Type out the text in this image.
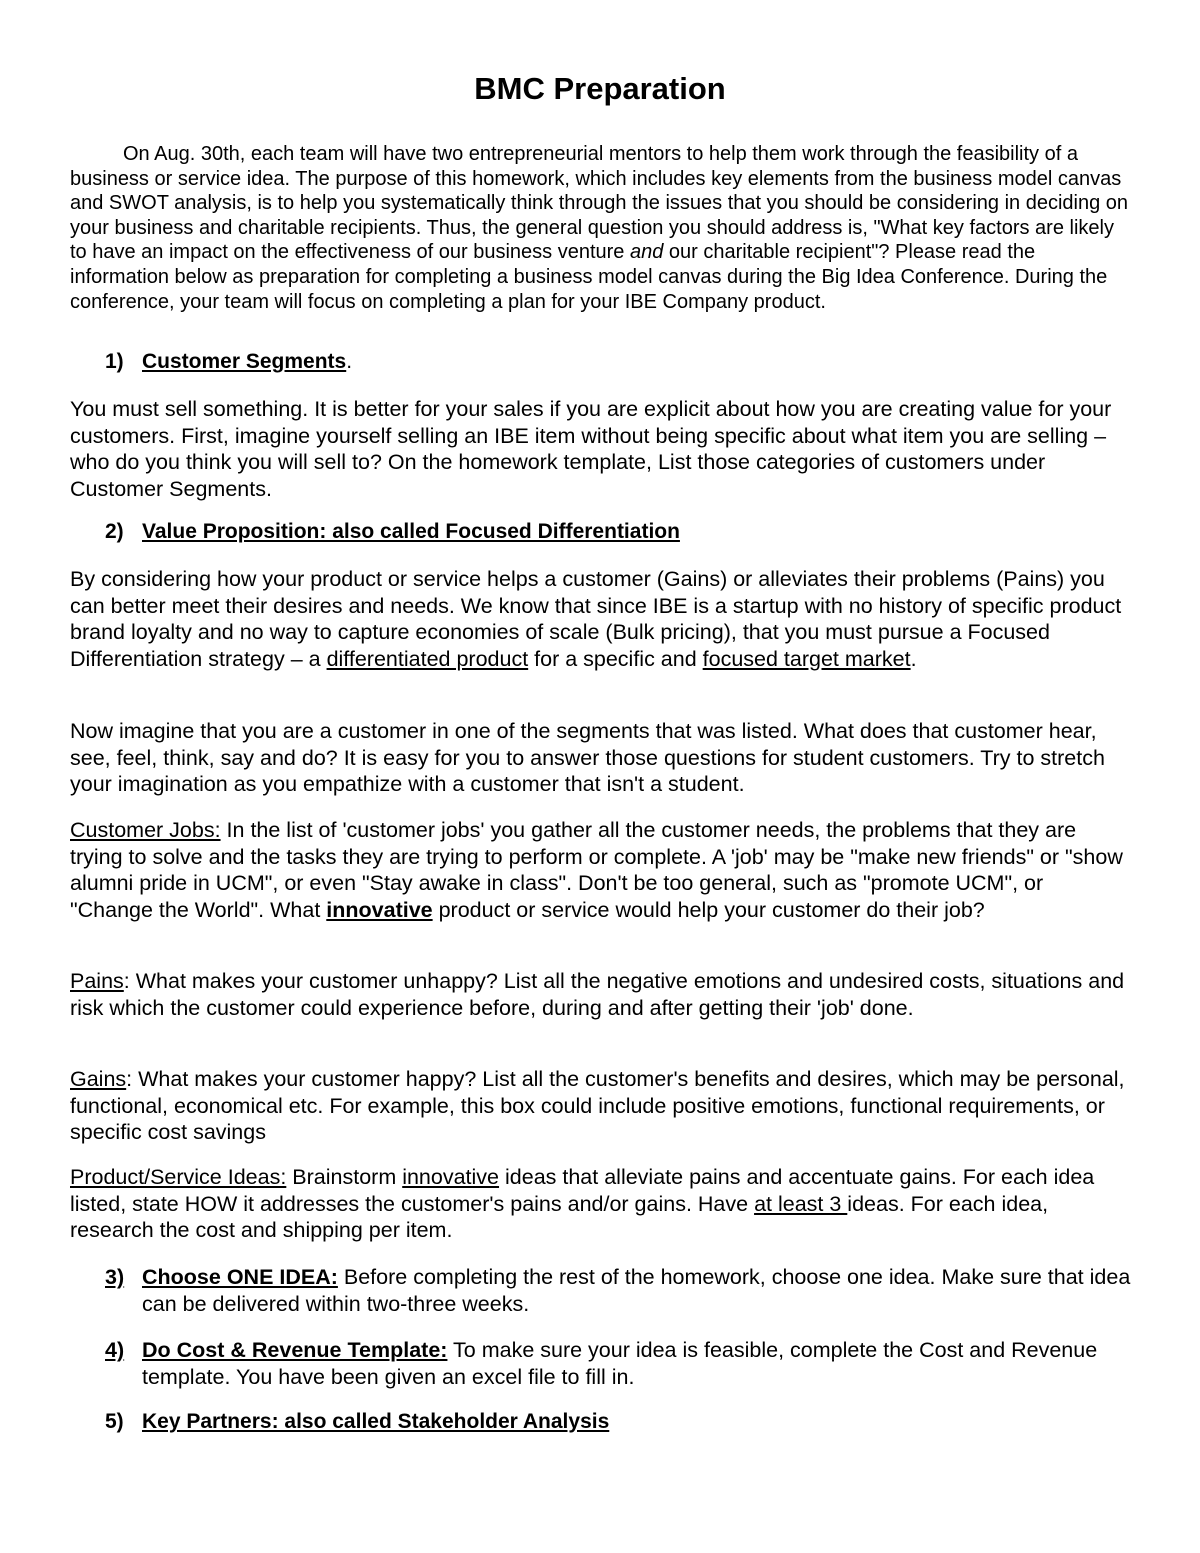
BMC Preparation
On Aug. 30th, each team will have two entrepreneurial mentors to help them work through the feasibility of a business or service idea. The purpose of this homework, which includes key elements from the business model canvas and SWOT analysis, is to help you systematically think through the issues that you should be considering in deciding on your business and charitable recipients. Thus, the general question you should address is, "What key factors are likely to have an impact on the effectiveness of our business venture and our charitable recipient"? Please read the information below as preparation for completing a business model canvas during the Big Idea Conference. During the conference, your team will focus on completing a plan for your IBE Company product.
1) Customer Segments.
You must sell something. It is better for your sales if you are explicit about how you are creating value for your customers. First, imagine yourself selling an IBE item without being specific about what item you are selling – who do you think you will sell to? On the homework template, List those categories of customers under Customer Segments.
2) Value Proposition: also called Focused Differentiation
By considering how your product or service helps a customer (Gains) or alleviates their problems (Pains) you can better meet their desires and needs. We know that since IBE is a startup with no history of specific product brand loyalty and no way to capture economies of scale (Bulk pricing), that you must pursue a Focused Differentiation strategy – a differentiated product for a specific and focused target market.
Now imagine that you are a customer in one of the segments that was listed. What does that customer hear, see, feel, think, say and do? It is easy for you to answer those questions for student customers. Try to stretch your imagination as you empathize with a customer that isn't a student.
Customer Jobs: In the list of 'customer jobs' you gather all the customer needs, the problems that they are trying to solve and the tasks they are trying to perform or complete. A 'job' may be "make new friends" or "show alumni pride in UCM", or even "Stay awake in class". Don't be too general, such as "promote UCM", or "Change the World". What innovative product or service would help your customer do their job?
Pains: What makes your customer unhappy? List all the negative emotions and undesired costs, situations and risk which the customer could experience before, during and after getting their 'job' done.
Gains: What makes your customer happy? List all the customer's benefits and desires, which may be personal, functional, economical etc. For example, this box could include positive emotions, functional requirements, or specific cost savings
Product/Service Ideas: Brainstorm innovative ideas that alleviate pains and accentuate gains. For each idea listed, state HOW it addresses the customer's pains and/or gains. Have at least 3 ideas. For each idea, research the cost and shipping per item.
3) Choose ONE IDEA: Before completing the rest of the homework, choose one idea. Make sure that idea can be delivered within two-three weeks.
4) Do Cost & Revenue Template: To make sure your idea is feasible, complete the Cost and Revenue template. You have been given an excel file to fill in.
5) Key Partners: also called Stakeholder Analysis
